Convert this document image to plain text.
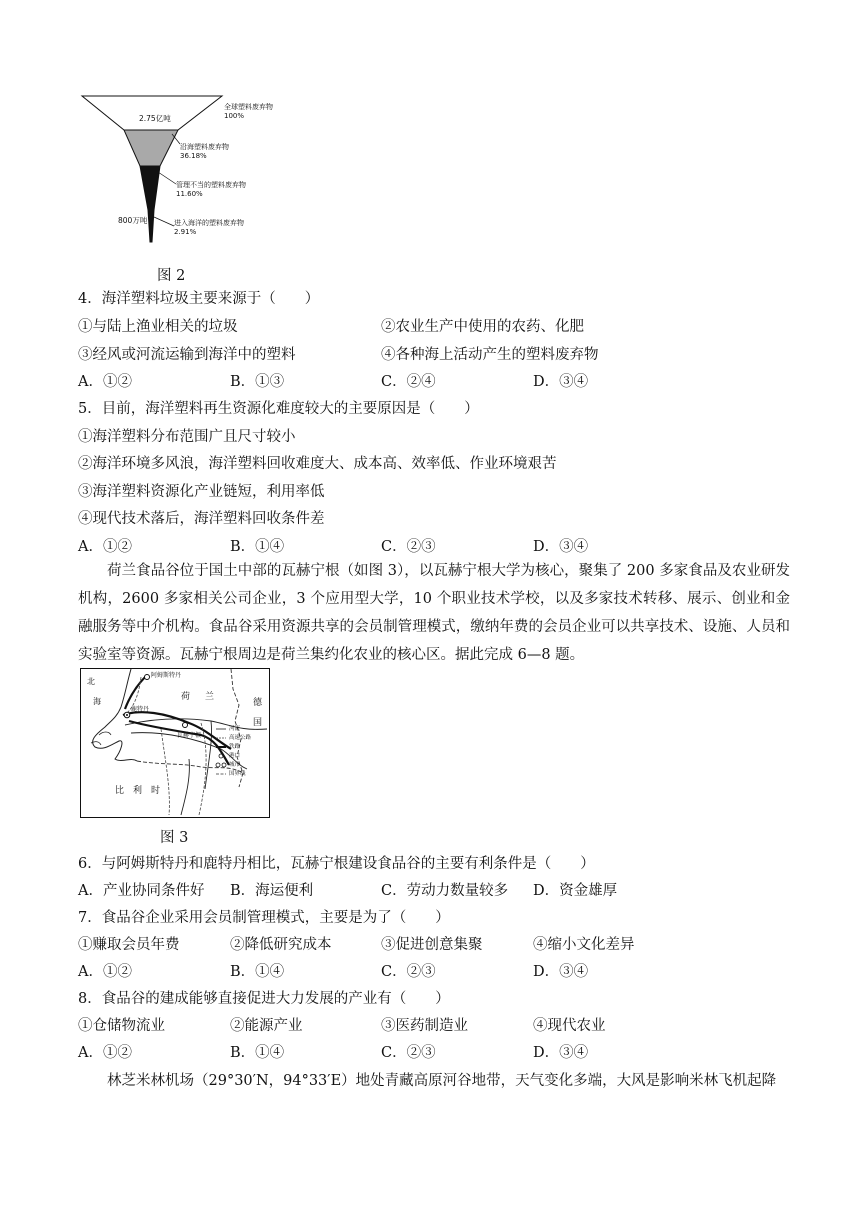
2.75亿吨
800万吨
全球塑料废弃物
100%
沿海塑料废弃物
36.18%
管理不当的塑料废弃物
11.60%
进入海洋的塑料废弃物
2.91%
图 2
4．海洋塑料垃圾主要来源于（　　）
①与陆上渔业相关的垃圾	②农业生产中使用的农药、化肥
③经风或河流运输到海洋中的塑料	④各种海上活动产生的塑料废弃物
A．①②	B．①③	C．②④	D．③④
5．目前，海洋塑料再生资源化难度较大的主要原因是（　　）
①海洋塑料分布范围广且尺寸较小
②海洋环境多风浪，海洋塑料回收难度大、成本高、效率低、作业环境艰苦
③海洋塑料资源化产业链短，利用率低
④现代技术落后，海洋塑料回收条件差
A．①②	B．①④	C．②③	D．③④
荷兰食品谷位于国土中部的瓦赫宁根（如图 3），以瓦赫宁根大学为核心，聚集了 200 多家食品及农业研发机构，2600 多家相关公司企业，3 个应用型大学，10 个职业技术学校，以及多家技术转移、展示、创业和金融服务等中介机构。食品谷采用资源共享的会员制管理模式，缴纳年费的会员企业可以共享技术、设施、人员和实验室等资源。瓦赫宁根周边是荷兰集约化农业的核心区。据此完成 6—8 题。
北
海
阿姆斯特丹
鹿特丹
瓦赫宁根
荷 兰
德
国
比　利　时
河流
高速公路
铁路
港口
城市
国界线
图 3
6．与阿姆斯特丹和鹿特丹相比，瓦赫宁根建设食品谷的主要有利条件是（　　）
A．产业协同条件好 B．海运便利	C．劳动力数量较多 D．资金雄厚
7．食品谷企业采用会员制管理模式，主要是为了（　　）
①赚取会员年费	②降低研究成本	③促进创意集聚	④缩小文化差异
A．①②	B．①④	C．②③	D．③④
8．食品谷的建成能够直接促进大力发展的产业有（　　）
①仓储物流业	②能源产业	③医药制造业	④现代农业
A．①②	B．①④	C．②③	D．③④
林芝米林机场（29°30′N，94°33′E）地处青藏高原河谷地带，天气变化多端，大风是影响米林飞机起降
